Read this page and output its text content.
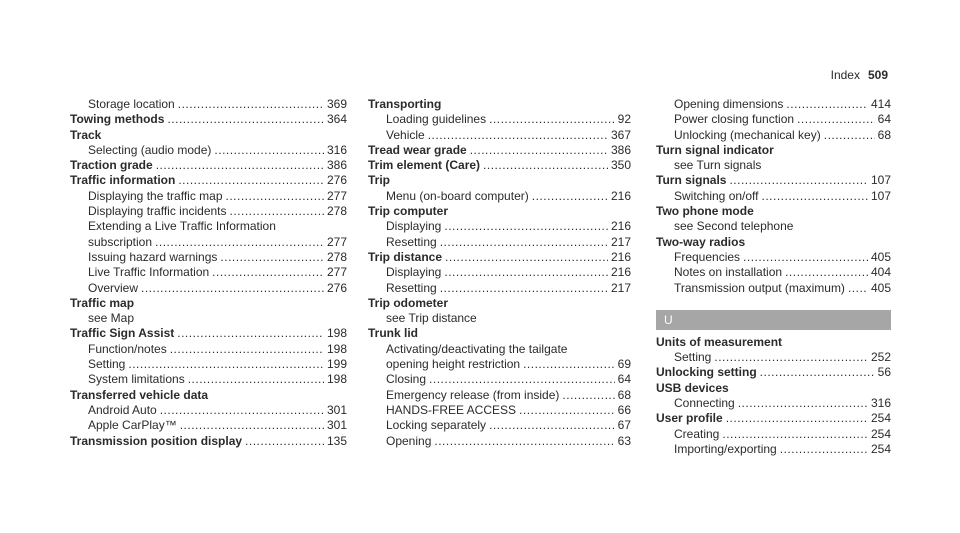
Index 509
Storage location .....	369
Towing methods .....	364
Track
Selecting (audio mode) .....	316
Traction grade .....	386
Traffic information .....	276
Displaying the traffic map .....	277
Displaying traffic incidents .....	278
Extending a Live Traffic Information
subscription .....	277
Issuing hazard warnings .....	278
Live Traffic Information .....	277
Overview .....	276
Traffic map
see Map
Traffic Sign Assist .....	198
Function/notes .....	198
Setting .....	199
System limitations .....	198
Transferred vehicle data
Android Auto .....	301
Apple CarPlay™ .....	301
Transmission position display .....	135
Transporting
Loading guidelines .....	92
Vehicle .....	367
Tread wear grade .....	386
Trim element (Care) .....	350
Trip
Menu (on-board computer) .....	216
Trip computer
Displaying .....	216
Resetting .....	217
Trip distance .....	216
Displaying .....	216
Resetting .....	217
Trip odometer
see Trip distance
Trunk lid
Activating/deactivating the tailgate
opening height restriction .....	69
Closing .....	64
Emergency release (from inside) .....	68
HANDS-FREE ACCESS .....	66
Locking separately .....	67
Opening .....	63
Opening dimensions .....	414
Power closing function .....	64
Unlocking (mechanical key) .....	68
Turn signal indicator
see Turn signals
Turn signals .....	107
Switching on/off .....	107
Two phone mode
see Second telephone
Two-way radios
Frequencies .....	405
Notes on installation .....	404
Transmission output (maximum) ..... 405
U
Units of measurement
Setting .....	252
Unlocking setting .....	56
USB devices
Connecting .....	316
User profile .....	254
Creating .....	254
Importing/exporting .....	254
